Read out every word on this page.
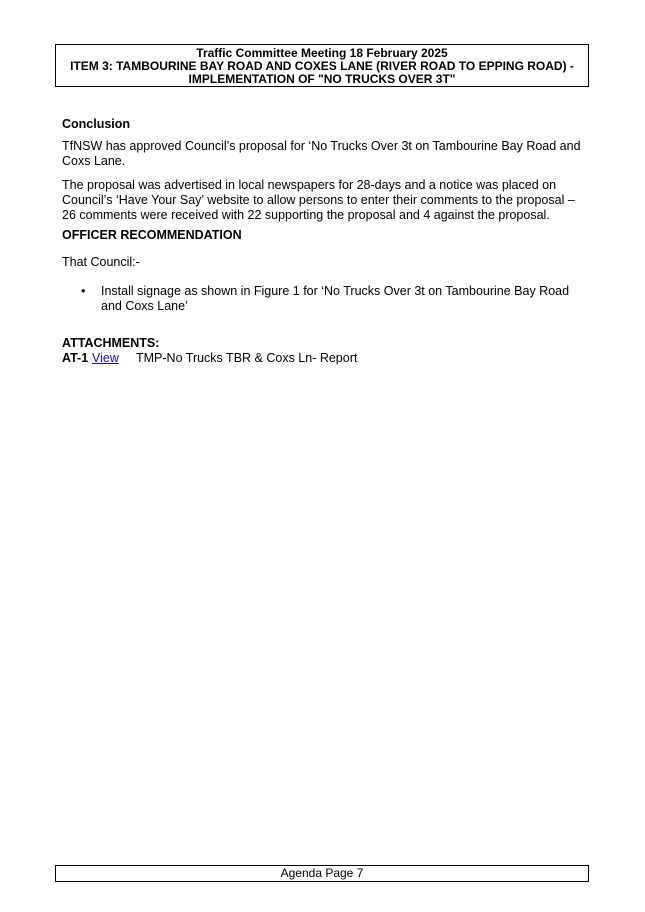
Traffic Committee Meeting 18 February 2025
ITEM 3: TAMBOURINE BAY ROAD AND COXES LANE (RIVER ROAD TO EPPING ROAD) -
IMPLEMENTATION OF "NO TRUCKS OVER 3T"

Conclusion

TfNSW has approved Council’s proposal for ‘No Trucks Over 3t on Tambourine Bay Road and Coxs Lane.

The proposal was advertised in local newspapers for 28-days and a notice was placed on Council’s ‘Have Your Say’ website to allow persons to enter their comments to the proposal – 26 comments were received with 22 supporting the proposal and 4 against the proposal.

OFFICER RECOMMENDATION

That Council:-

• Install signage as shown in Figure 1 for ‘No Trucks Over 3t on Tambourine Bay Road and Coxs Lane’

ATTACHMENTS:

AT-1 View	TMP-No Trucks TBR & Coxs Ln- Report
Agenda Page 7
